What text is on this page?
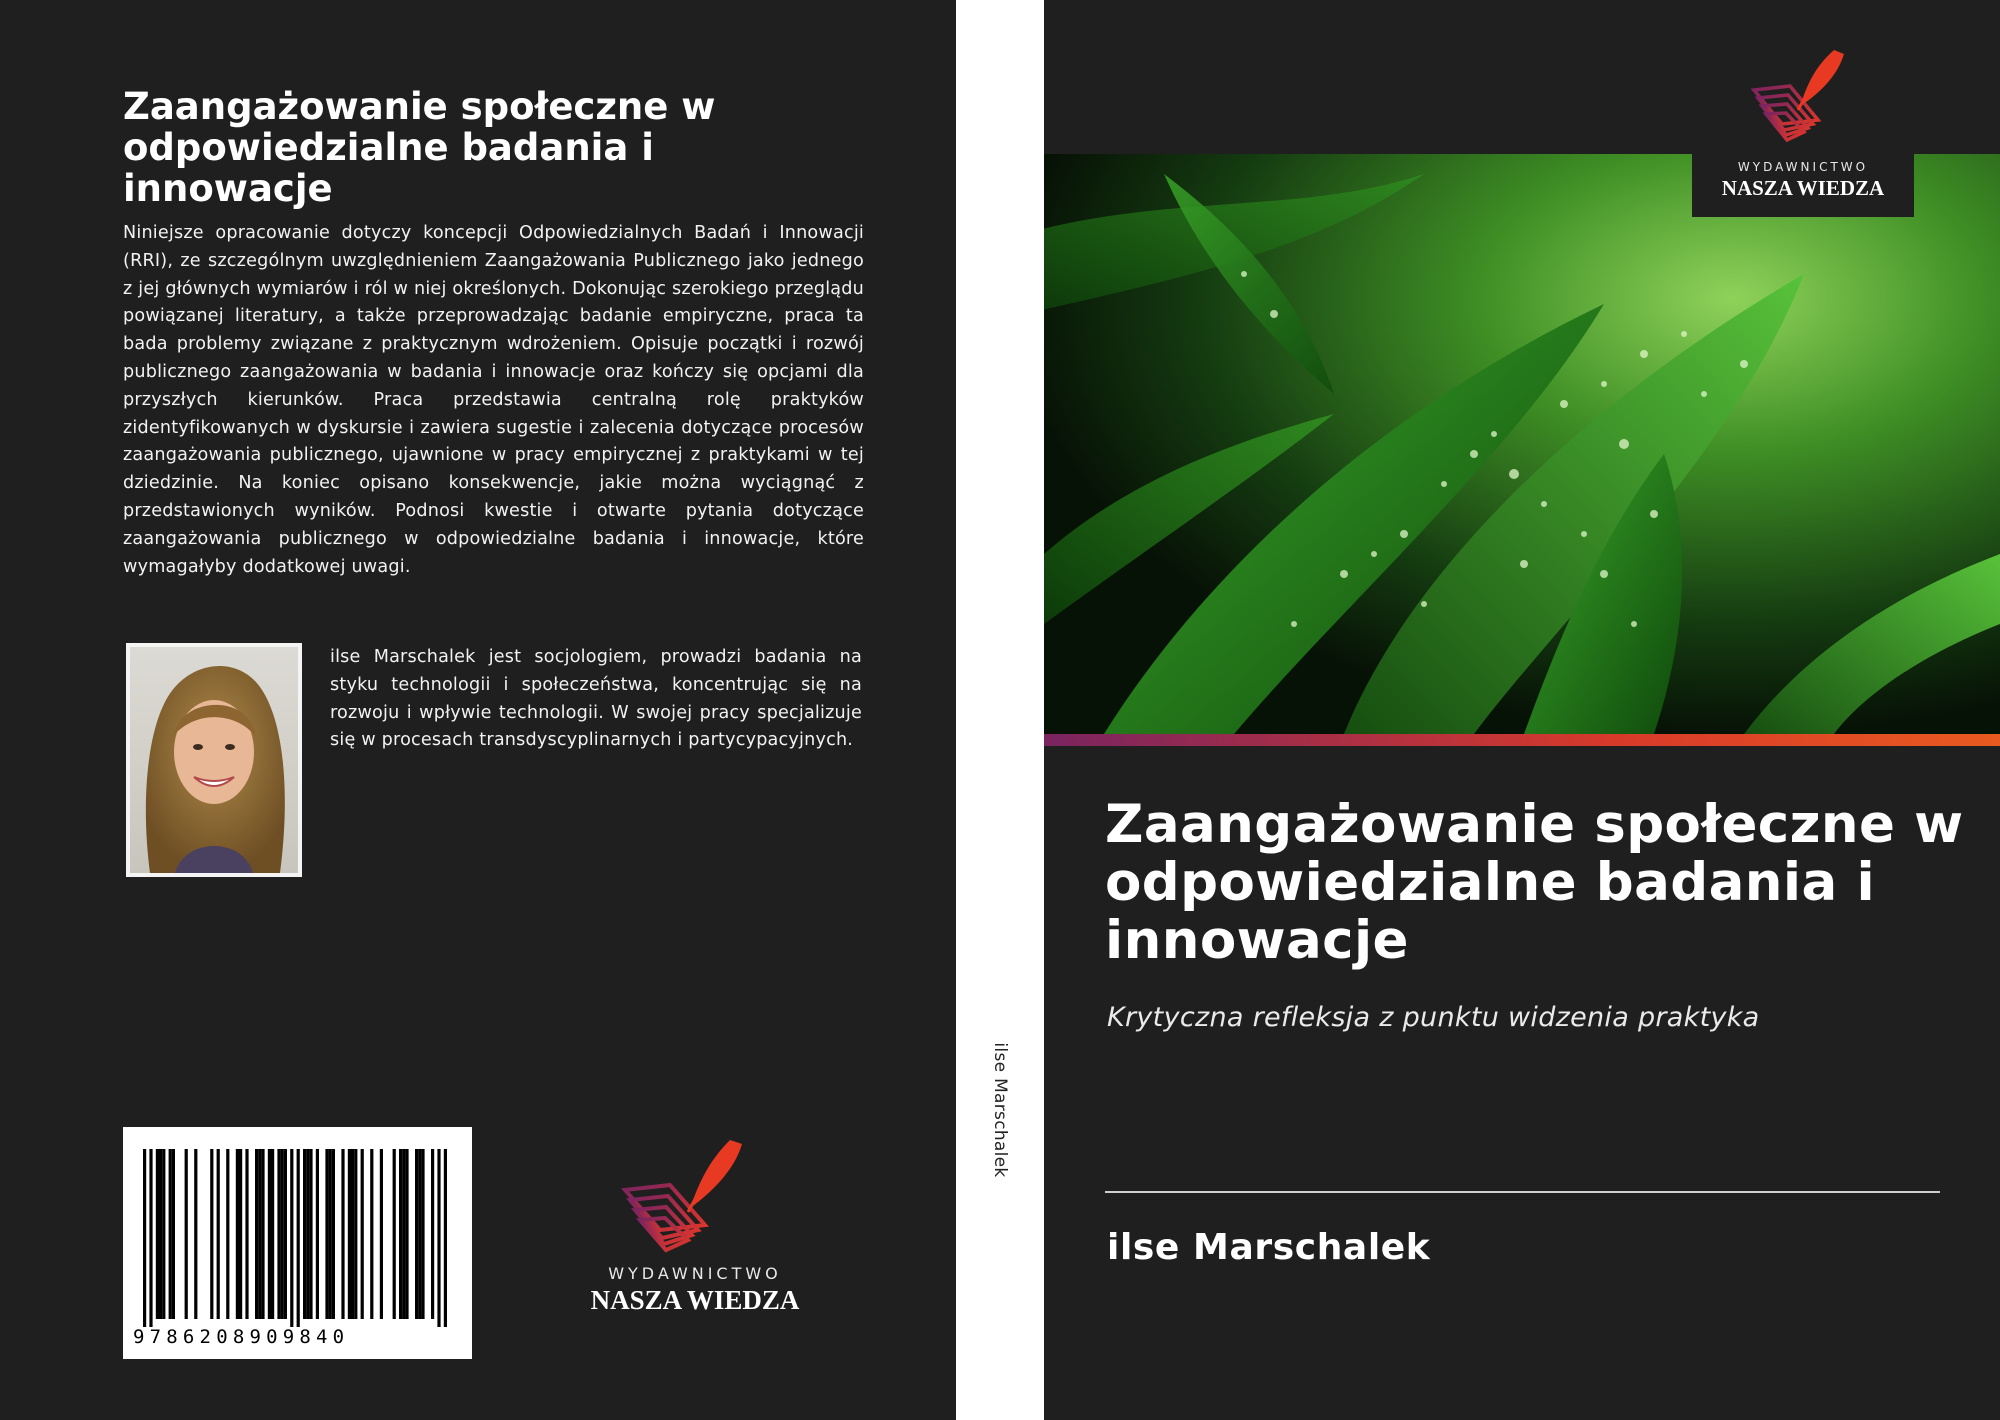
Zaangażowanie społeczne w odpowiedzialne badania i innowacje

Niniejsze opracowanie dotyczy koncepcji Odpowiedzialnych Badań i Innowacji (RRI), ze szczególnym uwzględnieniem Zaangażowania Publicznego jako jednego z jej głównych wymiarów i ról w niej określonych. Dokonując szerokiego przeglądu powiązanej literatury, a także przeprowadzając badanie empiryczne, praca ta bada problemy związane z praktycznym wdrożeniem. Opisuje początki i rozwój publicznego zaangażowania w badania i innowacje oraz kończy się opcjami dla przyszłych kierunków. Praca przedstawia centralną rolę praktyków zidentyfikowanych w dyskursie i zawiera sugestie i zalecenia dotyczące procesów zaangażowania publicznego, ujawnione w pracy empirycznej z praktykami w tej dziedzinie. Na koniec opisano konsekwencje, jakie można wyciągnąć z przedstawionych wyników. Podnosi kwestie i otwarte pytania dotyczące zaangażowania publicznego w odpowiedzialne badania i innowacje, które wymagałyby dodatkowej uwagi.

ilse Marschalek jest socjologiem, prowadzi badania na styku technologii i społeczeństwa, koncentrując się na rozwoju i wpływie technologii. W swojej pracy specjalizuje się w procesach transdyscyplinarnych i partycypacyjnych.

9786208909840
WYDAWNICTWO
NASZA WIEDZA
ilse Marschalek
WYDAWNICTWO
NASZA WIEDZA
Zaangażowanie społeczne w odpowiedzialne badania i innowacje

Krytyczna refleksja z punktu widzenia praktyka

ilse Marschalek
